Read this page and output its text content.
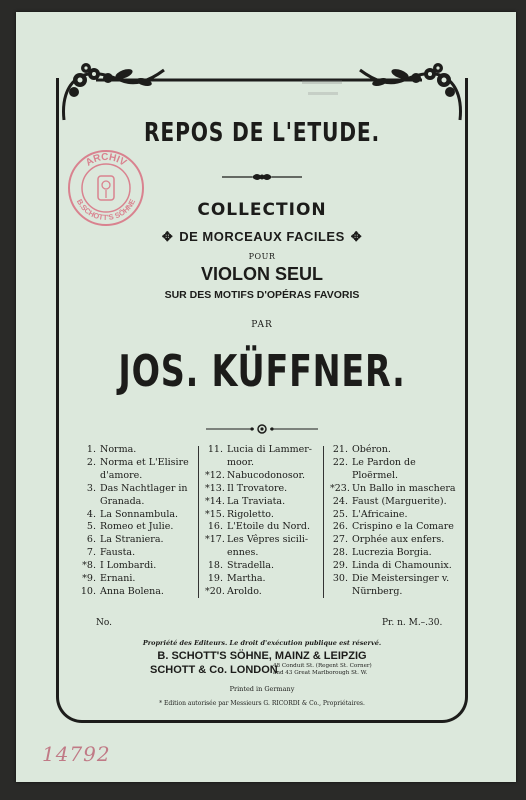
REPOS DE L'ETUDE.
COLLECTION
✥ DE MORCEAUX FACILES ✥
POUR
VIOLON SEUL
SUR DES MOTIFS D'OPÉRAS FAVORIS
PAR
JOS. KÜFFNER.
1. Norma.
2. Norma et L'Elisire
d'amore.
3. Das Nachtlager in
Granada.
4. La Sonnambula.
5. Romeo et Julie.
6. La Straniera.
7. Fausta.
*8. I Lombardi.
*9. Ernani.
10. Anna Bolena.
11. Lucia di Lammer-
moor.
*12. Nabucodonosor.
*13. Il Trovatore.
*14. La Traviata.
*15. Rigoletto.
16. L'Etoile du Nord.
*17. Les Vêpres sicili-
ennes.
18. Stradella.
19. Martha.
*20. Aroldo.
21. Obéron.
22. Le Pardon de
Ploërmel.
*23. Un Ballo in maschera
24. Faust (Marguerite).
25. L'Africaine.
26. Crispino e la Comare
27. Orphée aux enfers.
28. Lucrezia Borgia.
29. Linda di Chamounix.
30. Die Meistersinger v.
Nürnberg.
No.	Pr. n. M.–.30.
Propriété des Editeurs. Le droit d'exécution publique est réservé.
B. SCHOTT'S SÖHNE, MAINZ & LEIPZIG
SCHOTT & Co. LONDON
48 Conduit St. (Regent St. Corner)
and 43 Great Marlborough St. W.
Printed in Germany
* Edition autorisée par Messieurs G. RICORDI & Co., Propriétaires.
ARCHIV
B.SCHOTT'S SÖHNE
14792
